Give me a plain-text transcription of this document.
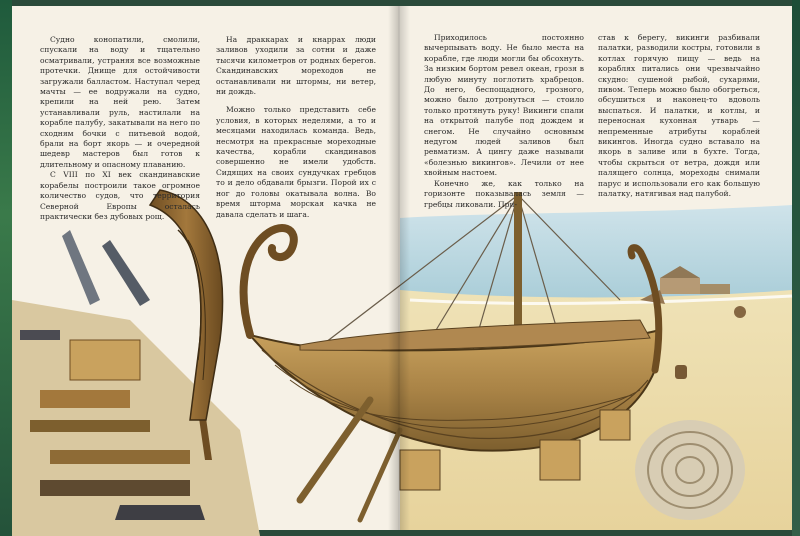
Судно конопатили, смолили, спускали на воду и тщательно осматривали, устраняя все возможные протечки. Днище для остойчивости загружали балластом. Наступал черед мачты — ее водружали на судно, крепили на ней рею. Затем устанавливали руль, настилали на корабле палубу, закатывали на него по сходням бочки с питьевой водой, брали на борт якорь — и очередной шедевр мастеров был готов к длительному и опасному плаванию.

С VIII по XI век скандинавские корабелы построили такое огромное количество судов, что территория Северной Европы осталась практически без дубовых рощ.

На драккарах и кнаррах люди заливов уходили за сотни и даже тысячи километров от родных берегов. Скандинавских мореходов не останавливали ни штормы, ни ветер, ни дождь.

Можно только представить себе условия, в которых неделями, а то и месяцами находилась команда. Ведь, несмотря на прекрасные мореходные качества, корабли скандинавов совершенно не имели удобств. Сидящих на своих сундучках гребцов то и дело обдавали брызги. Порой их с ног до головы окатывала волна. Во время шторма морская качка не давала сделать и шага.

Приходилось постоянно вычерпывать воду. Не было места на корабле, где люди могли бы обсохнуть. За низким бортом ревел океан, грозя в любую минуту поглотить храбрецов. До него, беспощадного, грозного, можно было дотронуться — стоило только протянуть руку! Викинги спали на открытой палубе под дождем и снегом. Не случайно основным недугом людей заливов был ревматизм. А цингу даже называли «болезнью викингов». Лечили от нее хвойным настоем.

Конечно же, как только на горизонте показывалась земля — гребцы ликовали. При-

став к берегу, викинги разбивали палатки, разводили костры, готовили в котлах горячую пищу — ведь на кораблях питались они чрезвычайно скудно: сушеной рыбой, сухарями, пивом. Теперь можно было обогреться, обсушиться и наконец-то вдоволь выспаться. И палатки, и котлы, и переносная кухонная утварь — непременные атрибуты кораблей викингов. Иногда судно вставало на якорь в заливе или в бухте. Тогда, чтобы скрыться от ветра, дождя или палящего солнца, мореходы снимали парус и использовали его как большую палатку, натягивая над палубой.
